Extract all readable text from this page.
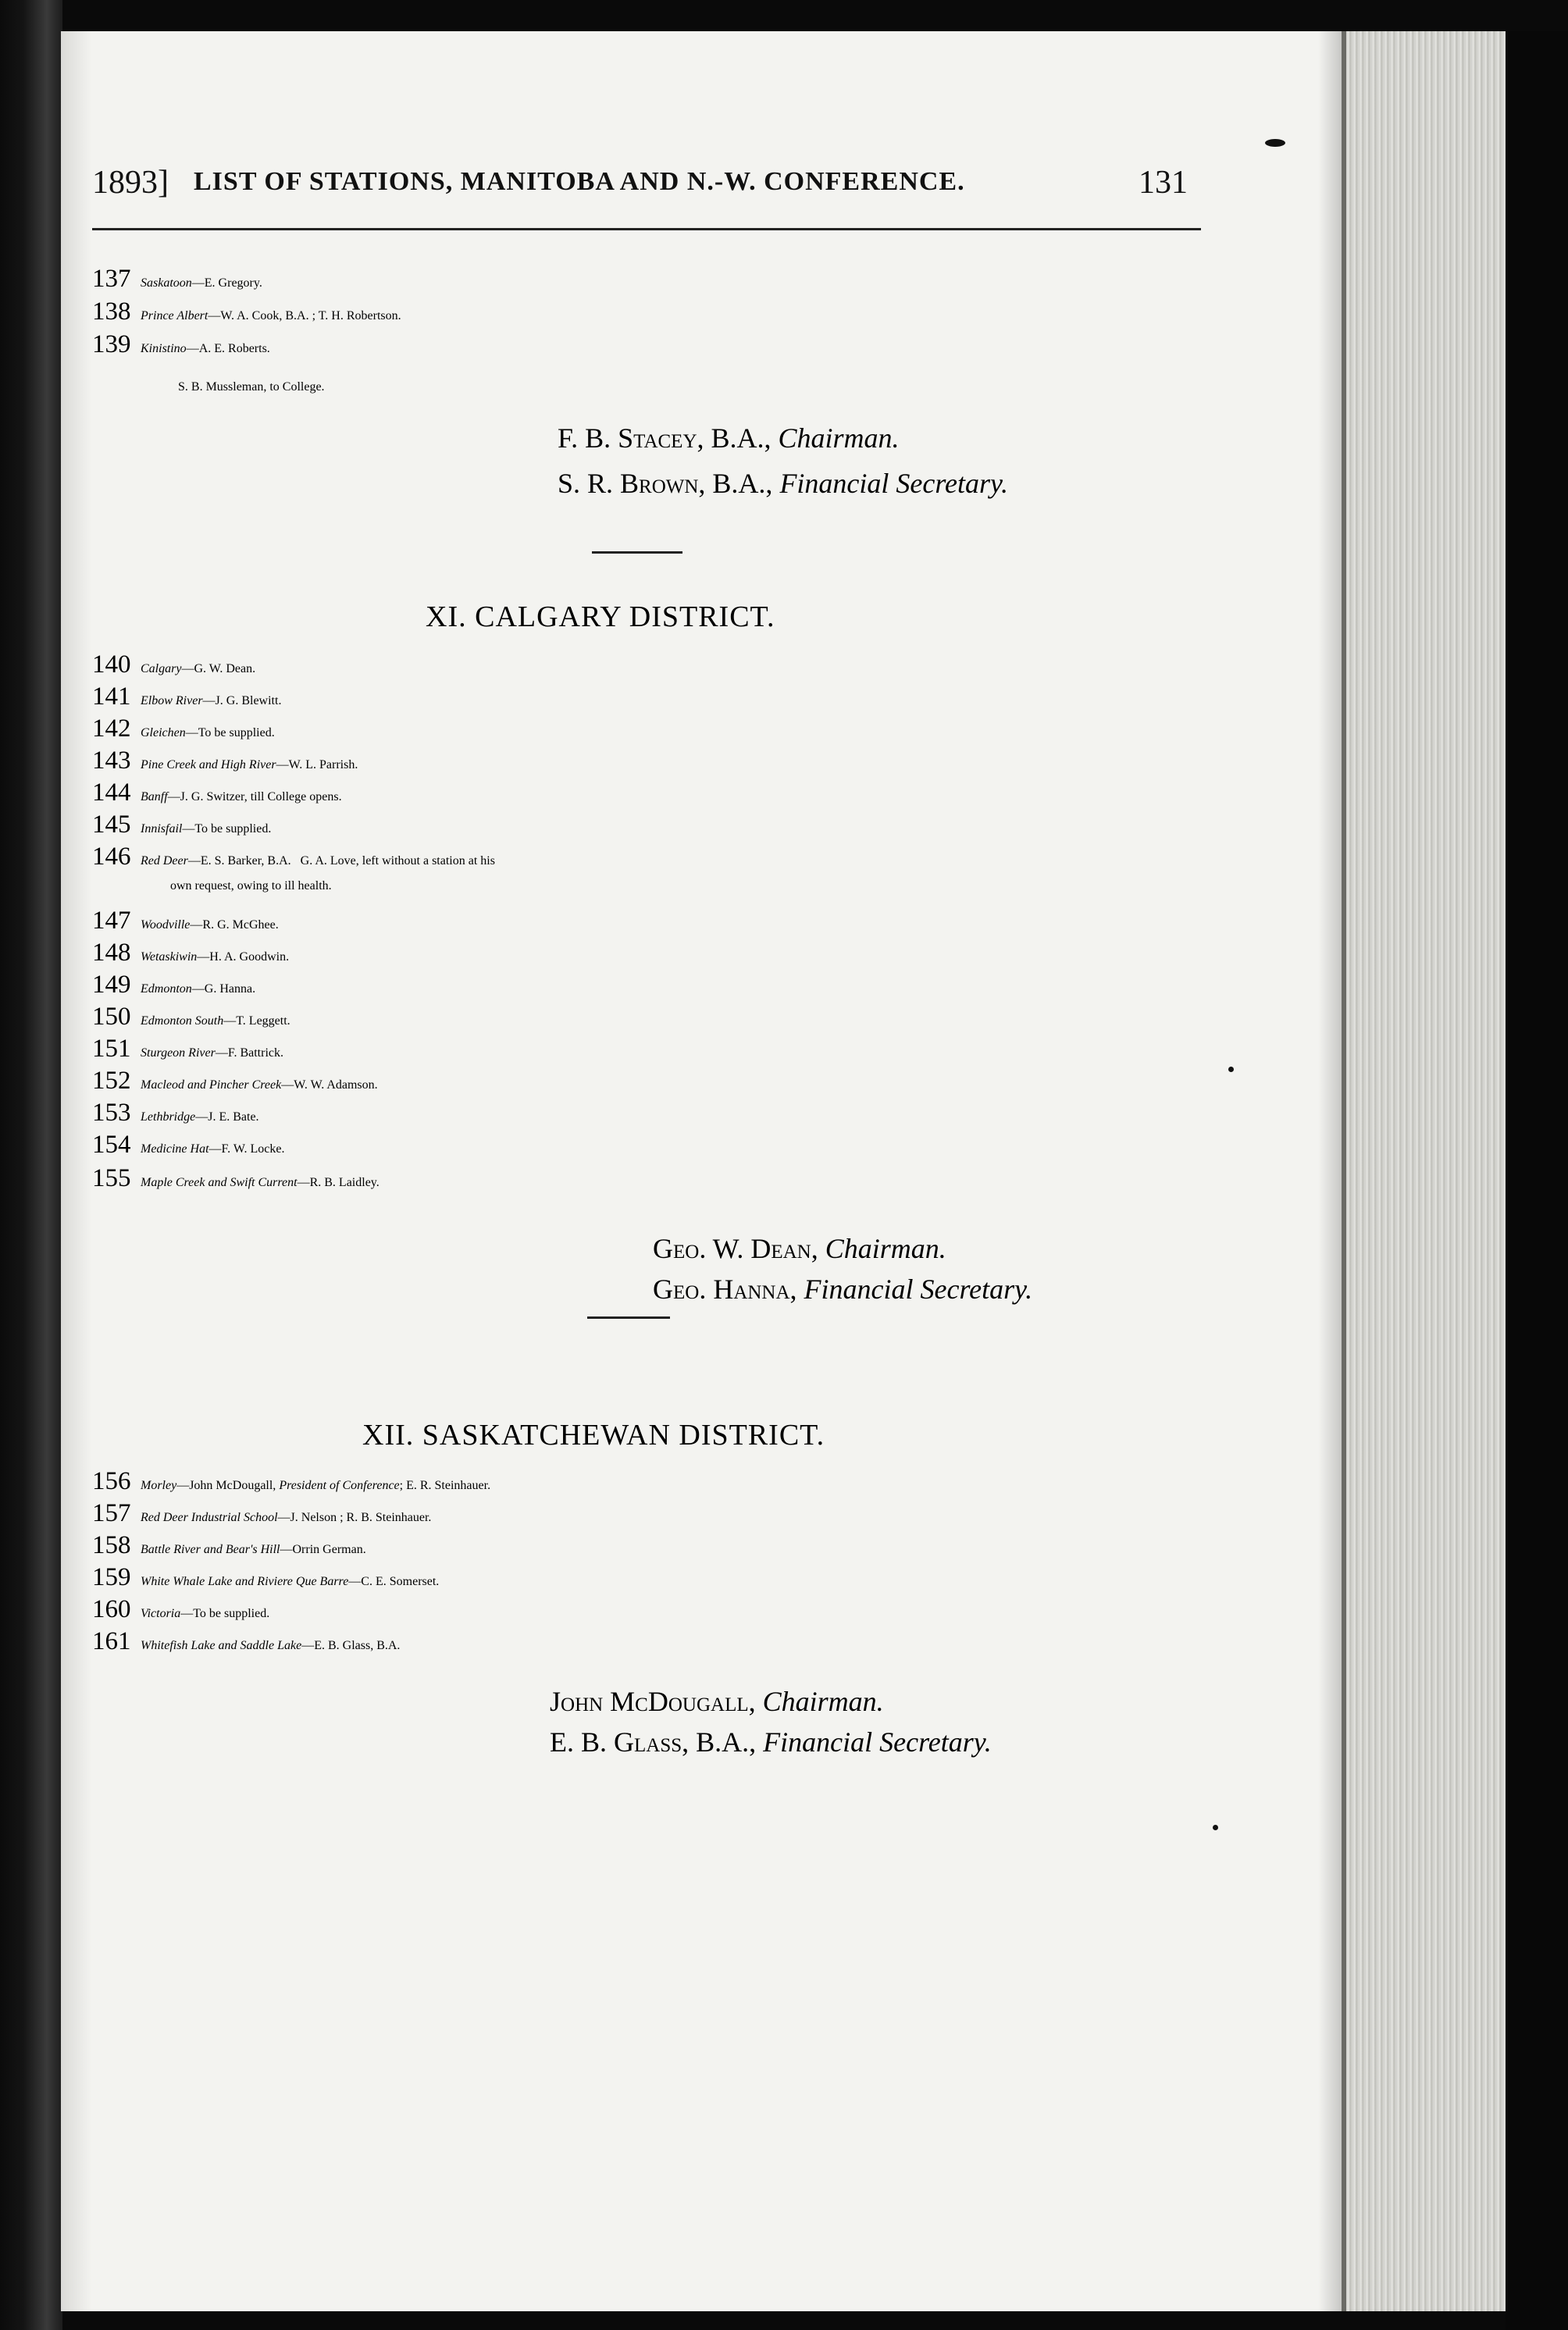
1893] LIST OF STATIONS, MANITOBA AND N.-W. CONFERENCE.	131
137 Saskatoon—E. Gregory.
138 Prince Albert—W. A. Cook, B.A. ; T. H. Robertson.
139 Kinistino—A. E. Roberts.
S. B. Mussleman, to College.
F. B. Stacey, B.A., Chairman.
S. R. Brown, B.A., Financial Secretary.
XI. CALGARY DISTRICT.
140 Calgary—G. W. Dean.
141 Elbow River—J. G. Blewitt.
142 Gleichen—To be supplied.
143 Pine Creek and High River—W. L. Parrish.
144 Banff—J. G. Switzer, till College opens.
145 Innisfail—To be supplied.
146 Red Deer—E. S. Barker, B.A.   G. A. Love, left without a station at his
own request, owing to ill health.
147 Woodville—R. G. McGhee.
148 Wetaskiwin—H. A. Goodwin.
149 Edmonton—G. Hanna.
150 Edmonton South—T. Leggett.
151 Sturgeon River—F. Battrick.
152 Macleod and Pincher Creek—W. W. Adamson.
153 Lethbridge—J. E. Bate.
154 Medicine Hat—F. W. Locke.
155 Maple Creek and Swift Current—R. B. Laidley.
Geo. W. Dean, Chairman.
Geo. Hanna, Financial Secretary.
XII. SASKATCHEWAN DISTRICT.
156 Morley—John McDougall, President of Conference; E. R. Steinhauer.
157 Red Deer Industrial School—J. Nelson ; R. B. Steinhauer.
158 Battle River and Bear's Hill—Orrin German.
159 White Whale Lake and Riviere Que Barre—C. E. Somerset.
160 Victoria—To be supplied.
161 Whitefish Lake and Saddle Lake—E. B. Glass, B.A.
John McDougall, Chairman.
E. B. Glass, B.A., Financial Secretary.
